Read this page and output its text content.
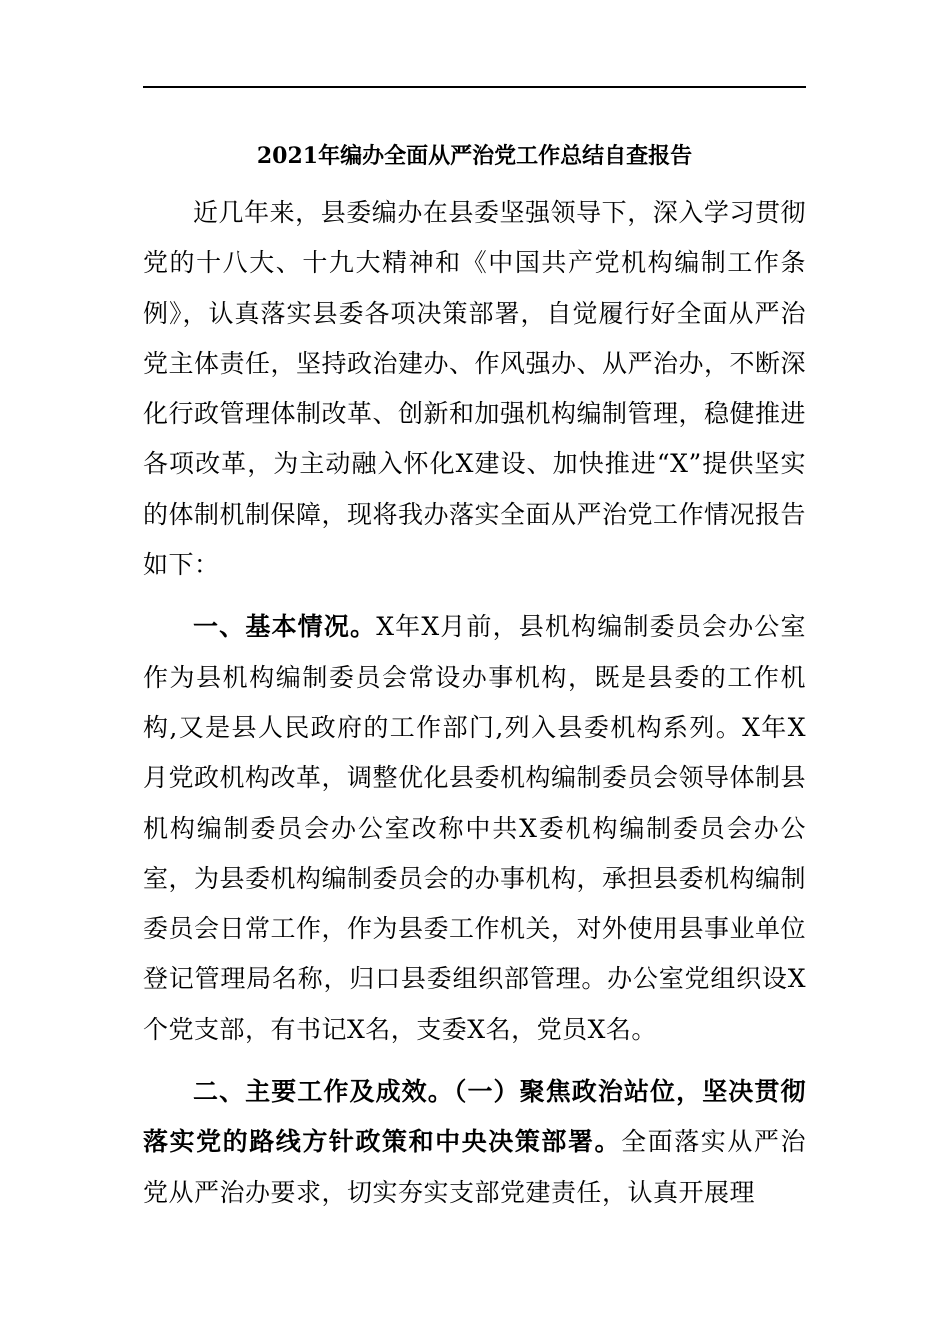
2021年编办全面从严治党工作总结自查报告

近几年来，县委编办在县委坚强领导下，深入学习贯彻党的十八大、十九大精神和《中国共产党机构编制工作条例》，认真落实县委各项决策部署，自觉履行好全面从严治党主体责任，坚持政治建办、作风强办、从严治办，不断深化行政管理体制改革、创新和加强机构编制管理，稳健推进各项改革，为主动融入怀化X建设、加快推进“X”提供坚实的体制机制保障，现将我办落实全面从严治党工作情况报告如下：

一、基本情况。X年X月前，县机构编制委员会办公室作为县机构编制委员会常设办事机构，既是县委的工作机构,又是县人民政府的工作部门,列入县委机构系列。X年X月党政机构改革，调整优化县委机构编制委员会领导体制县机构编制委员会办公室改称中共X委机构编制委员会办公室，为县委机构编制委员会的办事机构，承担县委机构编制委员会日常工作，作为县委工作机关，对外使用县事业单位登记管理局名称，归口县委组织部管理。办公室党组织设X个党支部，有书记X名，支委X名，党员X名。

二、主要工作及成效。（一）聚焦政治站位，坚决贯彻落实党的路线方针政策和中央决策部署。全面落实从严治党从严治办要求，切实夯实支部党建责任，认真开展理
